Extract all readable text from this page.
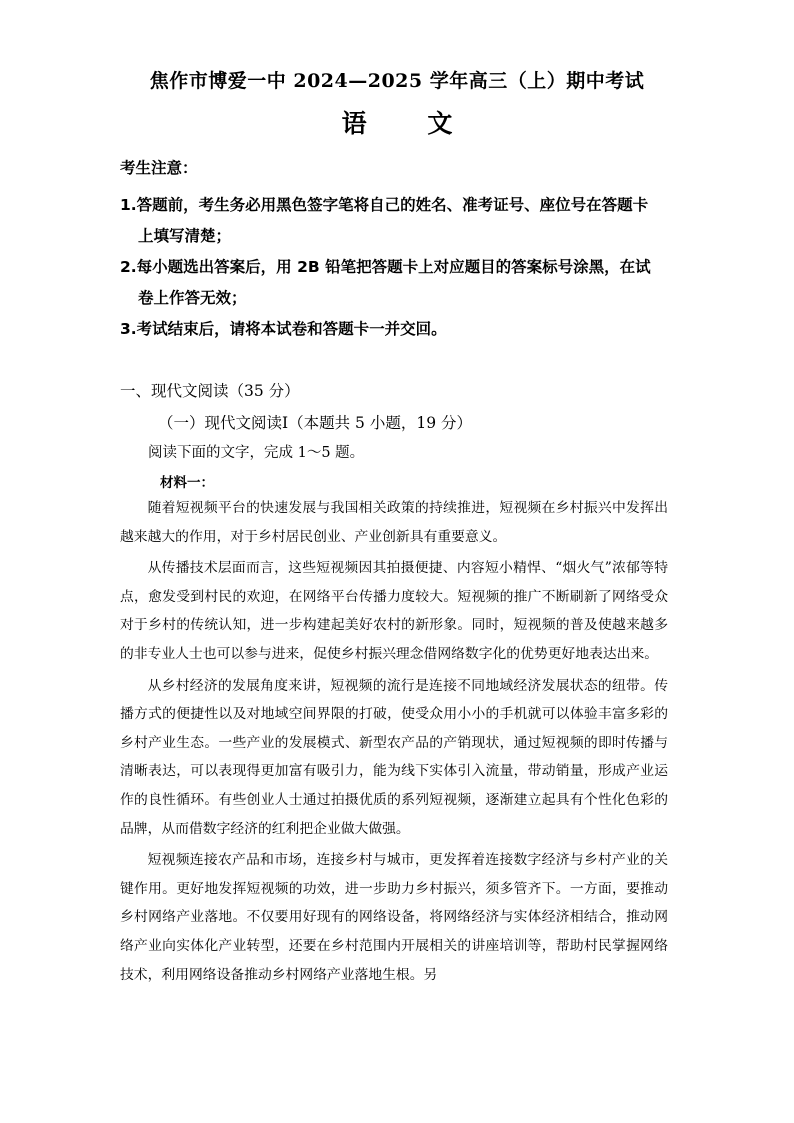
焦作市博爱一中 2024—2025 学年高三（上）期中考试
语 文
考生注意：

1.答题前，考生务必用黑色签字笔将自己的姓名、准考证号、座位号在答题卡

上填写清楚；

2.每小题选出答案后，用 2B 铅笔把答题卡上对应题目的答案标号涂黑，在试

卷上作答无效；

3.考试结束后，请将本试卷和答题卡一并交回。

一、现代文阅读（35 分）
（一）现代文阅读Ⅰ（本题共 5 小题，19 分）
阅读下面的文字，完成 1～5 题。
材料一：

随着短视频平台的快速发展与我国相关政策的持续推进，短视频在乡村振兴中发挥出越来越大的作用，对于乡村居民创业、产业创新具有重要意义。

从传播技术层面而言，这些短视频因其拍摄便捷、内容短小精悍、“烟火气”浓郁等特点，愈发受到村民的欢迎，在网络平台传播力度较大。短视频的推广不断刷新了网络受众对于乡村的传统认知，进一步构建起美好农村的新形象。同时，短视频的普及使越来越多的非专业人士也可以参与进来，促使乡村振兴理念借网络数字化的优势更好地表达出来。

从乡村经济的发展角度来讲，短视频的流行是连接不同地域经济发展状态的纽带。传播方式的便捷性以及对地域空间界限的打破，使受众用小小的手机就可以体验丰富多彩的乡村产业生态。一些产业的发展模式、新型农产品的产销现状，通过短视频的即时传播与清晰表达，可以表现得更加富有吸引力，能为线下实体引入流量，带动销量，形成产业运作的良性循环。有些创业人士通过拍摄优质的系列短视频，逐渐建立起具有个性化色彩的品牌，从而借数字经济的红利把企业做大做强。

短视频连接农产品和市场，连接乡村与城市，更发挥着连接数字经济与乡村产业的关键作用。更好地发挥短视频的功效，进一步助力乡村振兴，须多管齐下。一方面，要推动乡村网络产业落地。不仅要用好现有的网络设备，将网络经济与实体经济相结合，推动网络产业向实体化产业转型，还要在乡村范围内开展相关的讲座培训等，帮助村民掌握网络技术，利用网络设备推动乡村网络产业落地生根。另
